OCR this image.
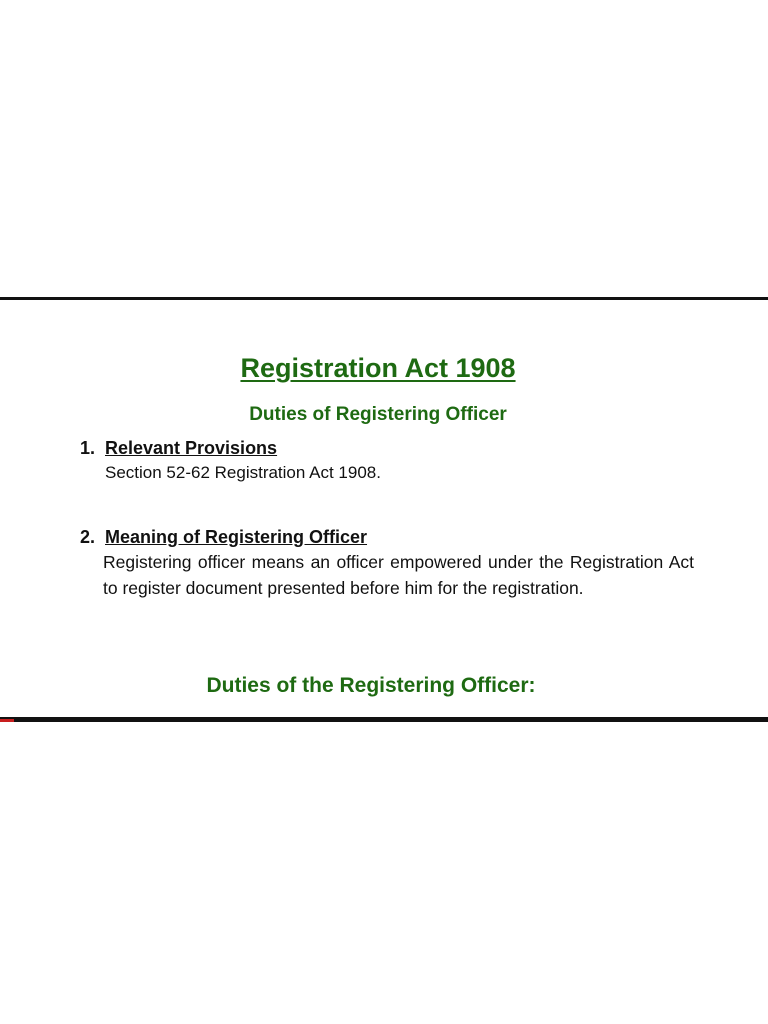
Registration Act 1908
Duties of Registering Officer
1. Relevant Provisions
Section 52-62 Registration Act 1908.
2. Meaning of Registering Officer
Registering officer means an officer empowered under the Registration Act to register document presented before him for the registration.
Duties of the Registering Officer:
